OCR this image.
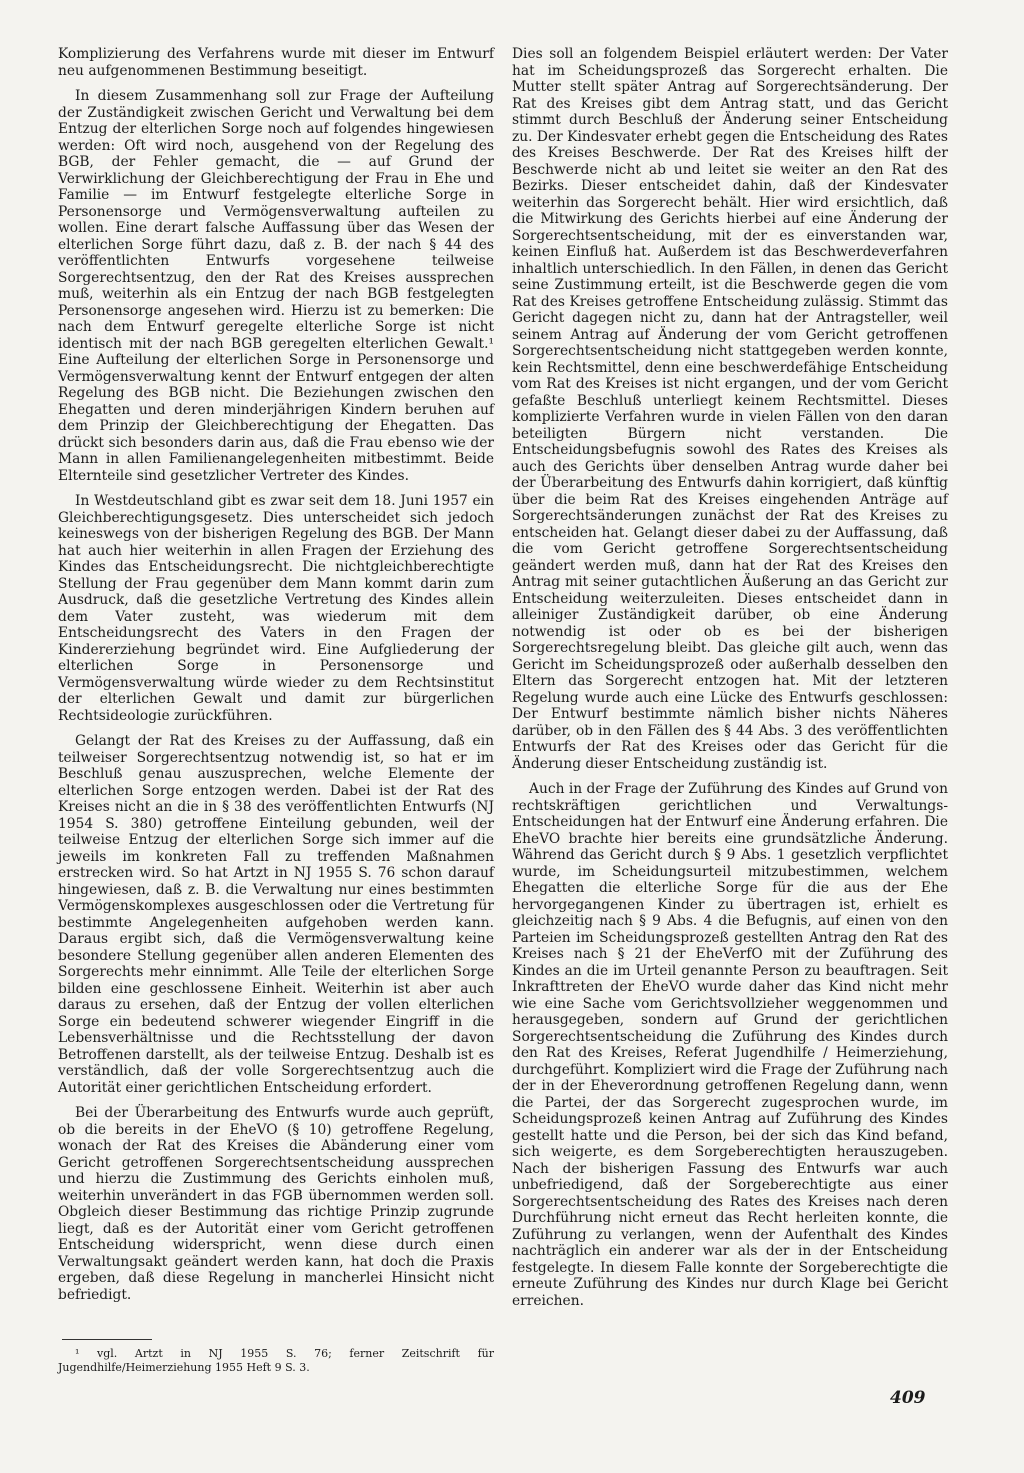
Komplizierung des Verfahrens wurde mit dieser im Entwurf neu aufgenommenen Bestimmung beseitigt.

In diesem Zusammenhang soll zur Frage der Aufteilung der Zuständigkeit zwischen Gericht und Verwaltung bei dem Entzug der elterlichen Sorge noch auf folgendes hingewiesen werden: Oft wird noch, ausgehend von der Regelung des BGB, der Fehler gemacht, die — auf Grund der Verwirklichung der Gleichberechtigung der Frau in Ehe und Familie — im Entwurf festgelegte elterliche Sorge in Personensorge und Vermögensverwaltung aufteilen zu wollen. Eine derart falsche Auffassung über das Wesen der elterlichen Sorge führt dazu, daß z. B. der nach § 44 des veröffentlichten Entwurfs vorgesehene teilweise Sorgerechtsentzug, den der Rat des Kreises aussprechen muß, weiterhin als ein Entzug der nach BGB festgelegten Personensorge angesehen wird. Hierzu ist zu bemerken: Die nach dem Entwurf geregelte elterliche Sorge ist nicht identisch mit der nach BGB geregelten elterlichen Gewalt.¹ Eine Aufteilung der elterlichen Sorge in Personensorge und Vermögensverwaltung kennt der Entwurf entgegen der alten Regelung des BGB nicht. Die Beziehungen zwischen den Ehegatten und deren minderjährigen Kindern beruhen auf dem Prinzip der Gleichberechtigung der Ehegatten. Das drückt sich besonders darin aus, daß die Frau ebenso wie der Mann in allen Familienangelegenheiten mitbestimmt. Beide Elternteile sind gesetzlicher Vertreter des Kindes.

In Westdeutschland gibt es zwar seit dem 18. Juni 1957 ein Gleichberechtigungsgesetz. Dies unterscheidet sich jedoch keineswegs von der bisherigen Regelung des BGB. Der Mann hat auch hier weiterhin in allen Fragen der Erziehung des Kindes das Entscheidungsrecht. Die nichtgleichberechtigte Stellung der Frau gegenüber dem Mann kommt darin zum Ausdruck, daß die gesetzliche Vertretung des Kindes allein dem Vater zusteht, was wiederum mit dem Entscheidungsrecht des Vaters in den Fragen der Kindererziehung begründet wird. Eine Aufgliederung der elterlichen Sorge in Personensorge und Vermögensverwaltung würde wieder zu dem Rechtsinstitut der elterlichen Gewalt und damit zur bürgerlichen Rechtsideologie zurückführen.

Gelangt der Rat des Kreises zu der Auffassung, daß ein teilweiser Sorgerechtsentzug notwendig ist, so hat er im Beschluß genau auszusprechen, welche Elemente der elterlichen Sorge entzogen werden. Dabei ist der Rat des Kreises nicht an die in § 38 des veröffentlichten Entwurfs (NJ 1954 S. 380) getroffene Einteilung gebunden, weil der teilweise Entzug der elterlichen Sorge sich immer auf die jeweils im konkreten Fall zu treffenden Maßnahmen erstrecken wird. So hat Artzt in NJ 1955 S. 76 schon darauf hingewiesen, daß z. B. die Verwaltung nur eines bestimmten Vermögenskomplexes ausgeschlossen oder die Vertretung für bestimmte Angelegenheiten aufgehoben werden kann. Daraus ergibt sich, daß die Vermögensverwaltung keine besondere Stellung gegenüber allen anderen Elementen des Sorgerechts mehr einnimmt. Alle Teile der elterlichen Sorge bilden eine geschlossene Einheit. Weiterhin ist aber auch daraus zu ersehen, daß der Entzug der vollen elterlichen Sorge ein bedeutend schwerer wiegender Eingriff in die Lebensverhältnisse und die Rechtsstellung der davon Betroffenen darstellt, als der teilweise Entzug. Deshalb ist es verständlich, daß der volle Sorgerechtsentzug auch die Autorität einer gerichtlichen Entscheidung erfordert.

Bei der Überarbeitung des Entwurfs wurde auch geprüft, ob die bereits in der EheVO (§ 10) getroffene Regelung, wonach der Rat des Kreises die Abänderung einer vom Gericht getroffenen Sorgerechtsentscheidung aussprechen und hierzu die Zustimmung des Gerichts einholen muß, weiterhin unverändert in das FGB übernommen werden soll. Obgleich dieser Bestimmung das richtige Prinzip zugrunde liegt, daß es der Autorität einer vom Gericht getroffenen Entscheidung widerspricht, wenn diese durch einen Verwaltungsakt geändert werden kann, hat doch die Praxis ergeben, daß diese Regelung in mancherlei Hinsicht nicht befriedigt.

Dies soll an folgendem Beispiel erläutert werden: Der Vater hat im Scheidungsprozeß das Sorgerecht erhalten. Die Mutter stellt später Antrag auf Sorgerechtsänderung. Der Rat des Kreises gibt dem Antrag statt, und das Gericht stimmt durch Beschluß der Änderung seiner Entscheidung zu. Der Kindesvater erhebt gegen die Entscheidung des Rates des Kreises Beschwerde. Der Rat des Kreises hilft der Beschwerde nicht ab und leitet sie weiter an den Rat des Bezirks. Dieser entscheidet dahin, daß der Kindesvater weiterhin das Sorgerecht behält. Hier wird ersichtlich, daß die Mitwirkung des Gerichts hierbei auf eine Änderung der Sorgerechtsentscheidung, mit der es einverstanden war, keinen Einfluß hat. Außerdem ist das Beschwerdeverfahren inhaltlich unterschiedlich. In den Fällen, in denen das Gericht seine Zustimmung erteilt, ist die Beschwerde gegen die vom Rat des Kreises getroffene Entscheidung zulässig. Stimmt das Gericht dagegen nicht zu, dann hat der Antragsteller, weil seinem Antrag auf Änderung der vom Gericht getroffenen Sorgerechtsentscheidung nicht stattgegeben werden konnte, kein Rechtsmittel, denn eine beschwerdefähige Entscheidung vom Rat des Kreises ist nicht ergangen, und der vom Gericht gefaßte Beschluß unterliegt keinem Rechtsmittel. Dieses komplizierte Verfahren wurde in vielen Fällen von den daran beteiligten Bürgern nicht verstanden. Die Entscheidungsbefugnis sowohl des Rates des Kreises als auch des Gerichts über denselben Antrag wurde daher bei der Überarbeitung des Entwurfs dahin korrigiert, daß künftig über die beim Rat des Kreises eingehenden Anträge auf Sorgerechtsänderungen zunächst der Rat des Kreises zu entscheiden hat. Gelangt dieser dabei zu der Auffassung, daß die vom Gericht getroffene Sorgerechtsentscheidung geändert werden muß, dann hat der Rat des Kreises den Antrag mit seiner gutachtlichen Äußerung an das Gericht zur Entscheidung weiterzuleiten. Dieses entscheidet dann in alleiniger Zuständigkeit darüber, ob eine Änderung notwendig ist oder ob es bei der bisherigen Sorgerechtsregelung bleibt. Das gleiche gilt auch, wenn das Gericht im Scheidungsprozeß oder außerhalb desselben den Eltern das Sorgerecht entzogen hat. Mit der letzteren Regelung wurde auch eine Lücke des Entwurfs geschlossen: Der Entwurf bestimmte nämlich bisher nichts Näheres darüber, ob in den Fällen des § 44 Abs. 3 des veröffentlichten Entwurfs der Rat des Kreises oder das Gericht für die Änderung dieser Entscheidung zuständig ist.

Auch in der Frage der Zuführung des Kindes auf Grund von rechtskräftigen gerichtlichen und Verwaltungs-Entscheidungen hat der Entwurf eine Änderung erfahren. Die EheVO brachte hier bereits eine grundsätzliche Änderung. Während das Gericht durch § 9 Abs. 1 gesetzlich verpflichtet wurde, im Scheidungsurteil mitzubestimmen, welchem Ehegatten die elterliche Sorge für die aus der Ehe hervorgegangenen Kinder zu übertragen ist, erhielt es gleichzeitig nach § 9 Abs. 4 die Befugnis, auf einen von den Parteien im Scheidungsprozeß gestellten Antrag den Rat des Kreises nach § 21 der EheVerfO mit der Zuführung des Kindes an die im Urteil genannte Person zu beauftragen. Seit Inkrafttreten der EheVO wurde daher das Kind nicht mehr wie eine Sache vom Gerichtsvollzieher weggenommen und herausgegeben, sondern auf Grund der gerichtlichen Sorgerechtsentscheidung die Zuführung des Kindes durch den Rat des Kreises, Referat Jugendhilfe / Heimerziehung, durchgeführt. Kompliziert wird die Frage der Zuführung nach der in der Eheverordnung getroffenen Regelung dann, wenn die Partei, der das Sorgerecht zugesprochen wurde, im Scheidungsprozeß keinen Antrag auf Zuführung des Kindes gestellt hatte und die Person, bei der sich das Kind befand, sich weigerte, es dem Sorgeberechtigten herauszugeben. Nach der bisherigen Fassung des Entwurfs war auch unbefriedigend, daß der Sorgeberechtigte aus einer Sorgerechtsentscheidung des Rates des Kreises nach deren Durchführung nicht erneut das Recht herleiten konnte, die Zuführung zu verlangen, wenn der Aufenthalt des Kindes nachträglich ein anderer war als der in der Entscheidung festgelegte. In diesem Falle konnte der Sorgeberechtigte die erneute Zuführung des Kindes nur durch Klage bei Gericht erreichen.

¹ vgl. Artzt in NJ 1955 S. 76; ferner Zeitschrift für Jugendhilfe/Heimerziehung 1955 Heft 9 S. 3.
409
